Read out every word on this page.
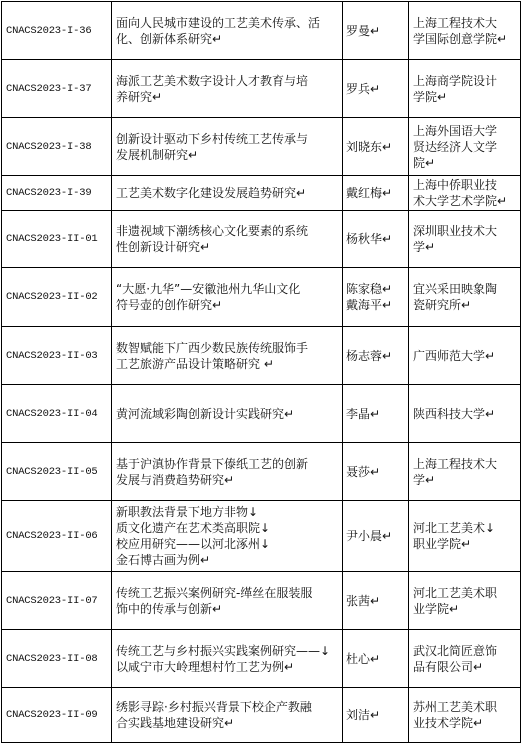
CNACS2023-I-36	面向人民城市建设的工艺美术传承、活
化、创新体系研究↵	罗曼↵	上海工程技术大
学国际创意学院↵
CNACS2023-I-37	海派工艺美术数字设计人才教育与培
养研究↵	罗兵↵	上海商学院设计
学院↵
CNACS2023-I-38	创新设计驱动下乡村传统工艺传承与
发展机制研究↵	刘晓东↵	上海外国语大学
贤达经济人文学
院↵
CNACS2023-I-39	工艺美术数字化建设发展趋势研究↵	戴红梅↵	上海中侨职业技
术大学艺术学院↵
CNACS2023-II-01	非遗视域下潮绣核心文化要素的系统
性创新设计研究↵	杨秋华↵	深圳职业技术大
学↵
CNACS2023-II-02	“大愿·九华”—安徽池州九华山文化
符号壶的创作研究↵	陈家稳↵
戴海平↵	宜兴采田映象陶
瓷研究所↵
CNACS2023-II-03	数智赋能下广西少数民族传统服饰手
工艺旅游产品设计策略研究 ↵	杨志蓉↵	广西师范大学↵
CNACS2023-II-04	黄河流域彩陶创新设计实践研究↵	李晶↵	陕西科技大学↵
CNACS2023-II-05	基于沪滇协作背景下傣纸工艺的创新
发展与消费趋势研究↵	聂莎↵	上海工程技术大
学↵
CNACS2023-II-06	新职教法背景下地方非物↓
质文化遗产在艺术类高职院↓
校应用研究——以河北涿州↓
金石博古画为例↵	尹小晨↵	河北工艺美术↓
职业学院↵
CNACS2023-II-07	传统工艺振兴案例研究-缂丝在服装服
饰中的传承与创新↵	张茜↵	河北工艺美术职
业学院↵
CNACS2023-II-08	传统工艺与乡村振兴实践案例研究——↓
以咸宁市大岭理想村竹工艺为例↵	杜心↵	武汉北简匠意饰
品有限公司↵
CNACS2023-II-09	绣影寻踪·乡村振兴背景下校企产教融
合实践基地建设研究↵	刘洁↵	苏州工艺美术职
业技术学院↵
